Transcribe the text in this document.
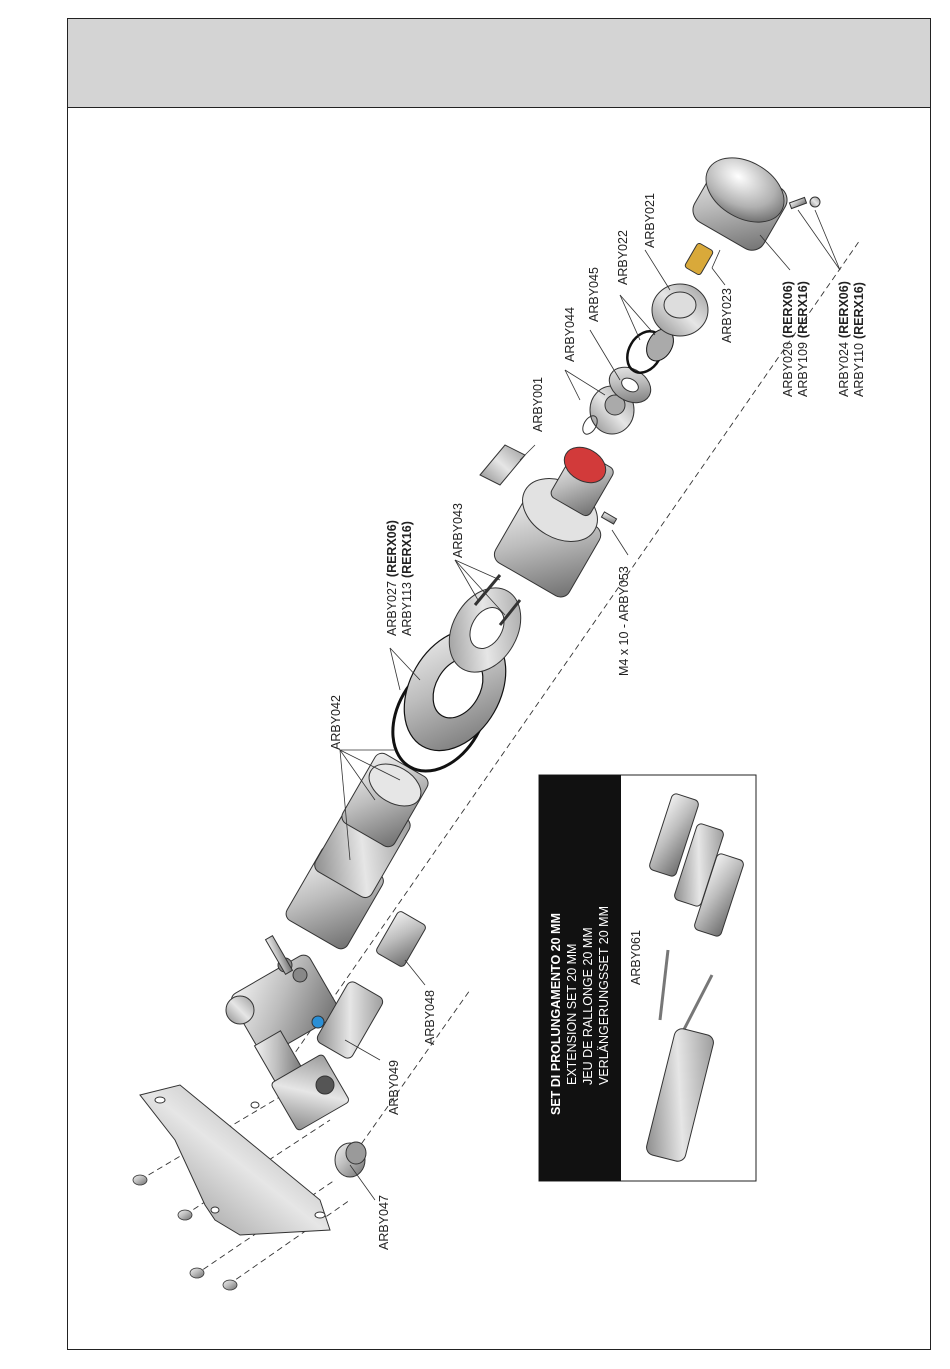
ARBY047
ARBY049
ARBY048
ARBY042
ARBY027(RERX06)
ARBY113(RERX16)	ARBY043
M4 x 10 - ARBY053
ARBY001
ARBY044
ARBY045
ARBY022
ARBY021
ARBY023
ARBY020(RERX06)
ARBY109(RERX16)
ARBY024(RERX06)
ARBY110(RERX16)
SET DI PROLUNGAMENTO 20 MM EXTENSION SET 20 MM JEU DE RALLONGE 20 MM VERLÄNGERUNGSSET 20 MM ARBY061
